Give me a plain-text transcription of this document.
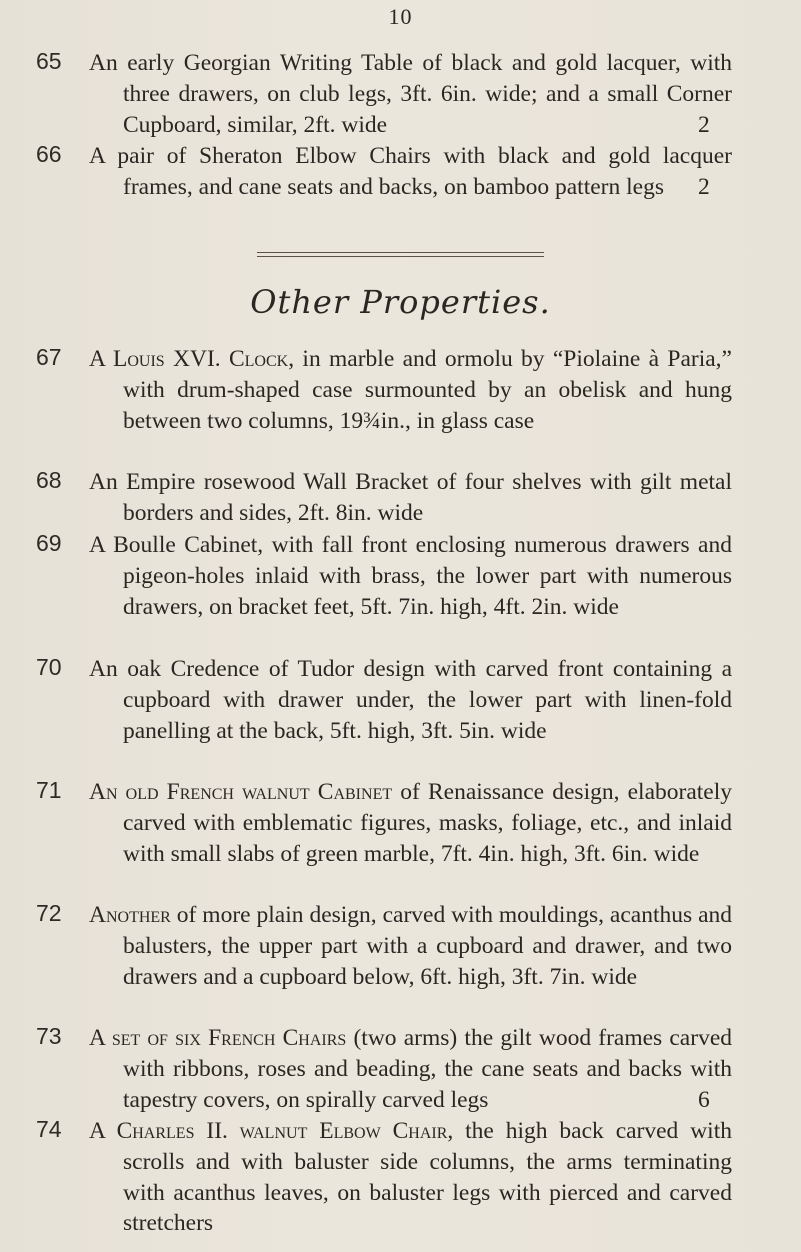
10
65 An early Georgian Writing Table of black and gold lacquer, with three drawers, on club legs, 3ft. 6in. wide; and a small Corner Cupboard, similar, 2ft. wide	2
66 A pair of Sheraton Elbow Chairs with black and gold lacquer frames, and cane seats and backs, on bamboo pattern legs 2
Other Properties.
67 A Louis XVI. Clock, in marble and ormolu by “Piolaine à Paria,” with drum-shaped case surmounted by an obelisk and hung between two columns, 19¾in., in glass case
68 An Empire rosewood Wall Bracket of four shelves with gilt metal borders and sides, 2ft. 8in. wide
69 A Boulle Cabinet, with fall front enclosing numerous drawers and pigeon-holes inlaid with brass, the lower part with numerous drawers, on bracket feet, 5ft. 7in. high, 4ft. 2in. wide
70 An oak Credence of Tudor design with carved front containing a cupboard with drawer under, the lower part with linen-fold panelling at the back, 5ft. high, 3ft. 5in. wide
71 An old French walnut Cabinet of Renaissance design, elaborately carved with emblematic figures, masks, foliage, etc., and inlaid with small slabs of green marble, 7ft. 4in. high, 3ft. 6in. wide
72 Another of more plain design, carved with mouldings, acanthus and balusters, the upper part with a cupboard and drawer, and two drawers and a cupboard below, 6ft. high, 3ft. 7in. wide
73 A set of six French Chairs (two arms) the gilt wood frames carved with ribbons, roses and beading, the cane seats and backs with tapestry covers, on spirally carved legs	6
74 A Charles II. walnut Elbow Chair, the high back carved with scrolls and with baluster side columns, the arms terminating with acanthus leaves, on baluster legs with pierced and carved stretchers
